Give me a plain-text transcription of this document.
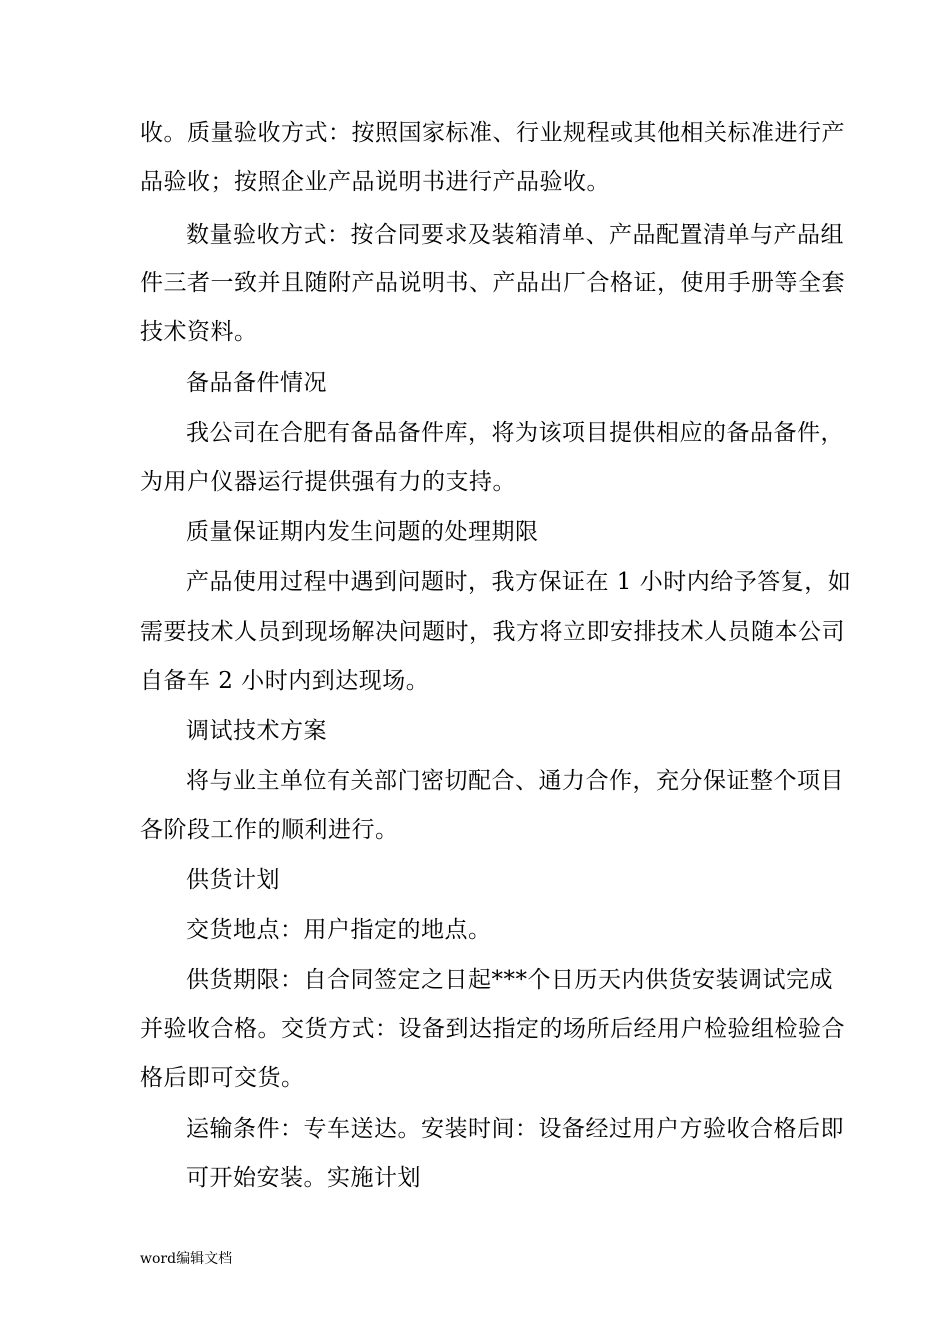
收。质量验收方式：按照国家标准、行业规程或其他相关标准进行产
品验收；按照企业产品说明书进行产品验收。
数量验收方式：按合同要求及装箱清单、产品配置清单与产品组
件三者一致并且随附产品说明书、产品出厂合格证，使用手册等全套
技术资料。
备品备件情况
我公司在合肥有备品备件库，将为该项目提供相应的备品备件，
为用户仪器运行提供强有力的支持。
质量保证期内发生问题的处理期限
产品使用过程中遇到问题时，我方保证在 1 小时内给予答复，如
需要技术人员到现场解决问题时，我方将立即安排技术人员随本公司
自备车 2 小时内到达现场。
调试技术方案
将与业主单位有关部门密切配合、通力合作，充分保证整个项目
各阶段工作的顺利进行。
供货计划
交货地点：用户指定的地点。
供货期限：自合同签定之日起***个日历天内供货安装调试完成
并验收合格。交货方式：设备到达指定的场所后经用户检验组检验合
格后即可交货。
运输条件：专车送达。安装时间：设备经过用户方验收合格后即
可开始安装。实施计划
word编辑文档
